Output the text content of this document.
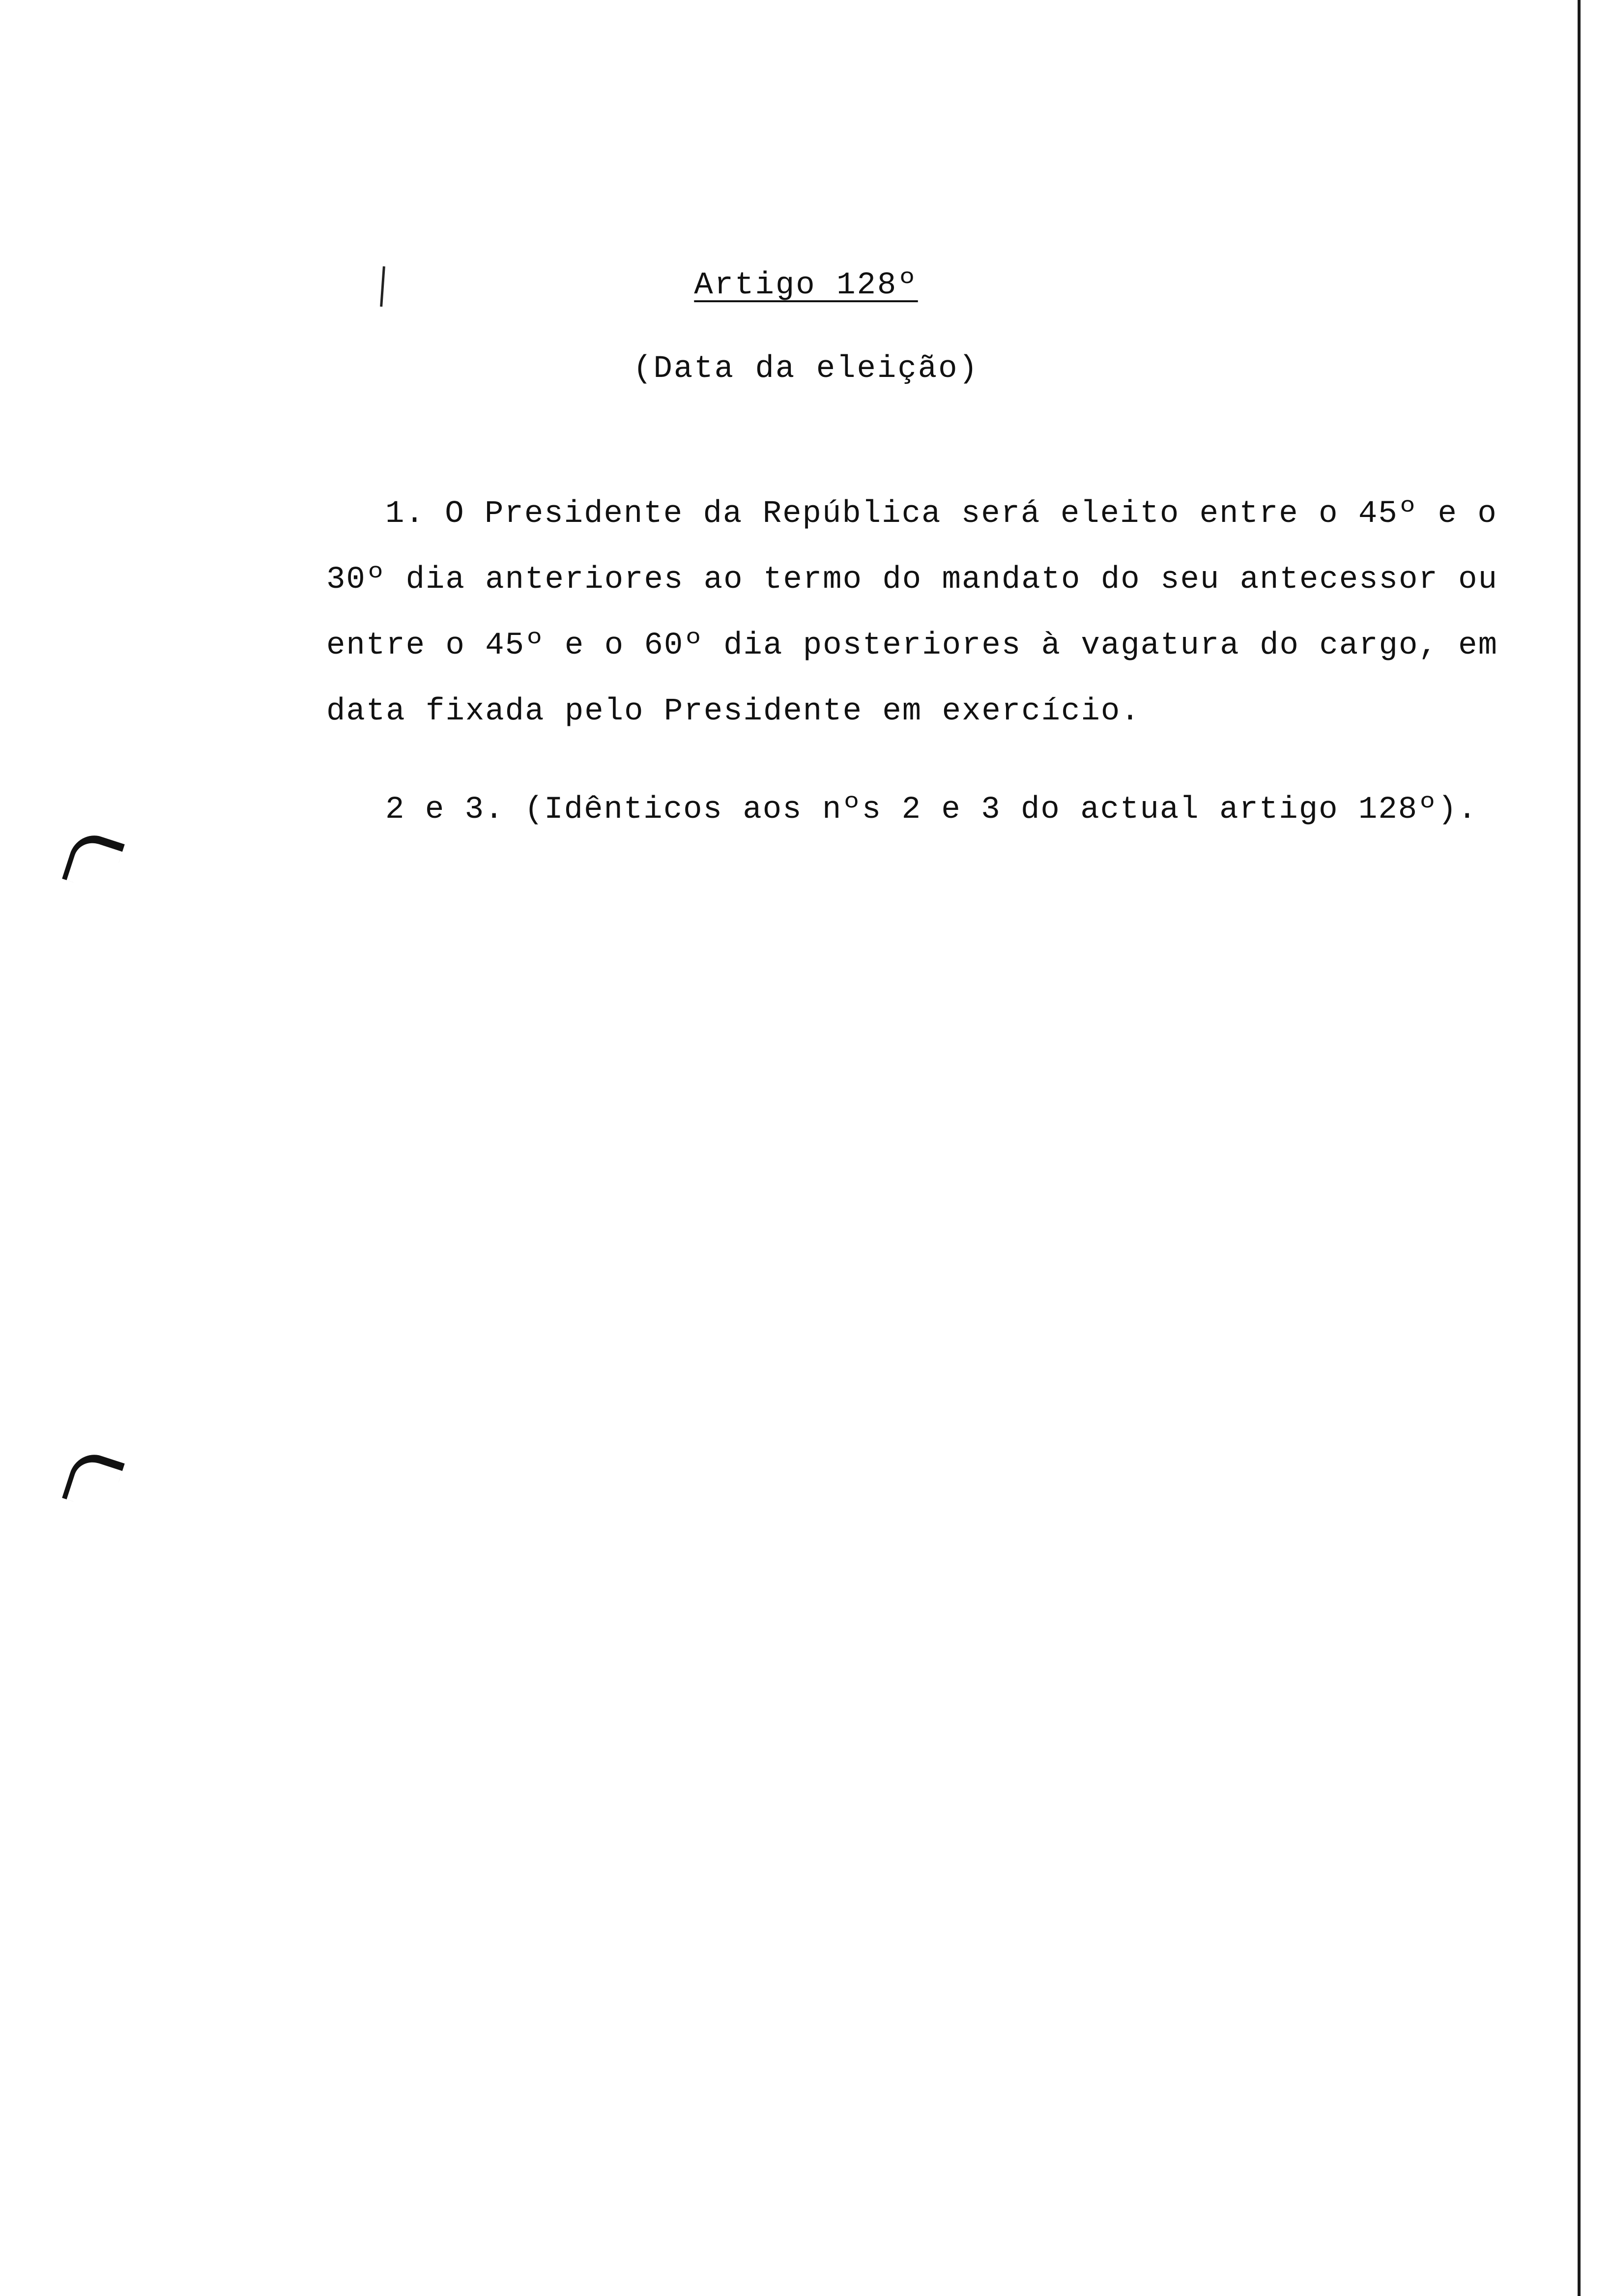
Artigo 128º
(Data da eleição)
1. O Presidente da República será eleito entre o 45º e o
30º dia anteriores ao termo do mandato do seu antecessor ou
entre o 45º e o 60º dia posteriores à vagatura do cargo, em
data fixada pelo Presidente em exercício.
2 e 3. (Idênticos aos nºs 2 e 3 do actual artigo 128º).
